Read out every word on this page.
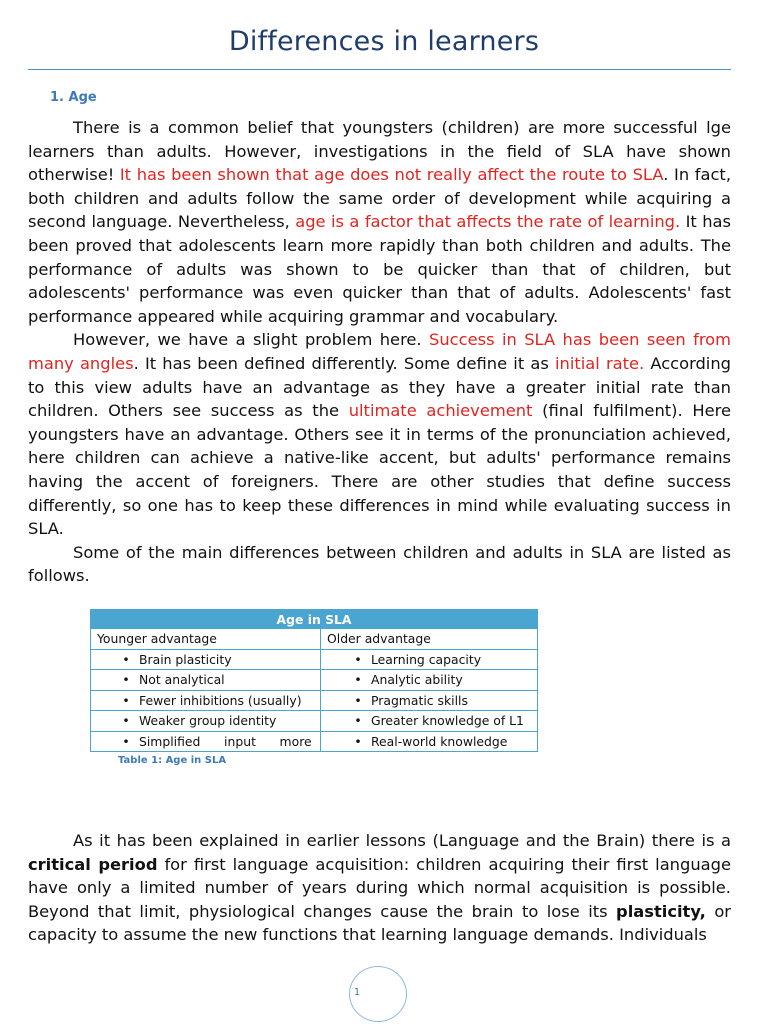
Differences in learners
1. Age

There is a common belief that youngsters (children) are more successful lge learners than adults. However, investigations in the field of SLA have shown otherwise! It has been shown that age does not really affect the route to SLA. In fact, both children and adults follow the same order of development while acquiring a second language. Nevertheless, age is a factor that affects the rate of learning. It has been proved that adolescents learn more rapidly than both children and adults. The performance of adults was shown to be quicker than that of children, but adolescents' performance was even quicker than that of adults. Adolescents' fast performance appeared while acquiring grammar and vocabulary.

However, we have a slight problem here. Success in SLA has been seen from many angles. It has been defined differently. Some define it as initial rate. According to this view adults have an advantage as they have a greater initial rate than children. Others see success as the ultimate achievement (final fulfilment). Here youngsters have an advantage. Others see it in terms of the pronunciation achieved, here children can achieve a native-like accent, but adults' performance remains having the accent of foreigners. There are other studies that define success differently, so one has to keep these differences in mind while evaluating success in SLA.

Some of the main differences between children and adults in SLA are listed as follows.

Age in SLA	
Younger advantage	Older advantage
• Brain plasticity	• Learning capacity
• Not analytical	• Analytic ability
• Fewer inhibitions (usually)	• Pragmatic skills
• Weaker group identity	• Greater knowledge of L1
• Simplified      input      more	• Real-world knowledge
Table 1: Age in SLA

As it has been explained in earlier lessons (Language and the Brain) there is a critical period for first language acquisition: children acquiring their first language have only a limited number of years during which normal acquisition is possible. Beyond that limit, physiological changes cause the brain to lose its plasticity, or capacity to assume the new functions that learning language demands. Individuals

1
